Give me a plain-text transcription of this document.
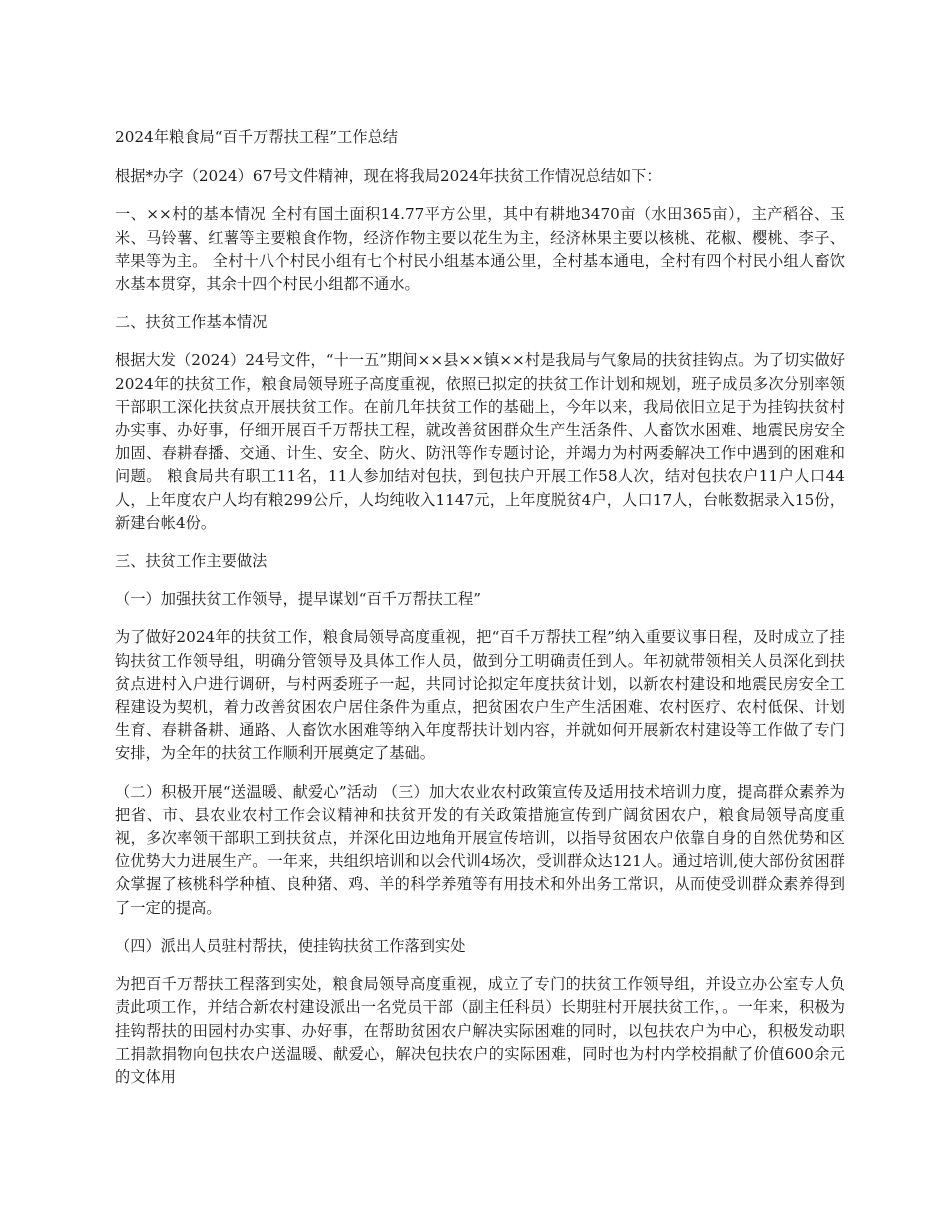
2024年粮食局“百千万帮扶工程”工作总结

根据*办字（2024）67号文件精神，现在将我局2024年扶贫工作情况总结如下：

一、××村的基本情况 全村有国土面积14.77平方公里，其中有耕地3470亩（水田365亩），主产稻谷、玉米、马铃薯、红薯等主要粮食作物，经济作物主要以花生为主，经济林果主要以核桃、花椒、樱桃、李子、苹果等为主。 全村十八个村民小组有七个村民小组基本通公里，全村基本通电，全村有四个村民小组人畜饮水基本贯穿，其余十四个村民小组都不通水。

二、扶贫工作基本情况

根据大发（2024）24号文件，“十一五”期间××县××镇××村是我局与气象局的扶贫挂钩点。为了切实做好2024年的扶贫工作，粮食局领导班子高度重视，依照已拟定的扶贫工作计划和规划，班子成员多次分别率领干部职工深化扶贫点开展扶贫工作。在前几年扶贫工作的基础上，今年以来，我局依旧立足于为挂钩扶贫村办实事、办好事，仔细开展百千万帮扶工程，就改善贫困群众生产生活条件、人畜饮水困难、地震民房安全加固、春耕春播、交通、计生、安全、防火、防汛等作专题讨论，并竭力为村两委解决工作中遇到的困难和问题。 粮食局共有职工11名，11人参加结对包扶，到包扶户开展工作58人次，结对包扶农户11户人口44人，上年度农户人均有粮299公斤，人均纯收入1147元，上年度脱贫4户，人口17人，台帐数据录入15份，新建台帐4份。

三、扶贫工作主要做法

（一）加强扶贫工作领导，提早谋划“百千万帮扶工程”

为了做好2024年的扶贫工作，粮食局领导高度重视，把“百千万帮扶工程”纳入重要议事日程，及时成立了挂钩扶贫工作领导组，明确分管领导及具体工作人员，做到分工明确责任到人。年初就带领相关人员深化到扶贫点进村入户进行调研，与村两委班子一起，共同讨论拟定年度扶贫计划，以新农村建设和地震民房安全工程建设为契机，着力改善贫困农户居住条件为重点，把贫困农户生产生活困难、农村医疗、农村低保、计划生育、春耕备耕、通路、人畜饮水困难等纳入年度帮扶计划内容，并就如何开展新农村建设等工作做了专门安排，为全年的扶贫工作顺利开展奠定了基础。

（二）积极开展“送温暖、献爱心”活动 （三）加大农业农村政策宣传及适用技术培训力度，提高群众素养为把省、市、县农业农村工作会议精神和扶贫开发的有关政策措施宣传到广阔贫困农户，粮食局领导高度重视，多次率领干部职工到扶贫点，并深化田边地角开展宣传培训，以指导贫困农户依靠自身的自然优势和区位优势大力进展生产。一年来，共组织培训和以会代训4场次，受训群众达121人。通过培训,使大部份贫困群众掌握了核桃科学种植、良种猪、鸡、羊的科学养殖等有用技术和外出务工常识，从而使受训群众素养得到了一定的提高。

（四）派出人员驻村帮扶，使挂钩扶贫工作落到实处

为把百千万帮扶工程落到实处，粮食局领导高度重视，成立了专门的扶贫工作领导组，并设立办公室专人负责此项工作，并结合新农村建设派出一名党员干部（副主任科员）长期驻村开展扶贫工作，。一年来，积极为挂钩帮扶的田园村办实事、办好事，在帮助贫困农户解决实际困难的同时，以包扶农户为中心，积极发动职工捐款捐物向包扶农户送温暖、献爱心，解决包扶农户的实际困难，同时也为村内学校捐献了价值600余元的文体用
